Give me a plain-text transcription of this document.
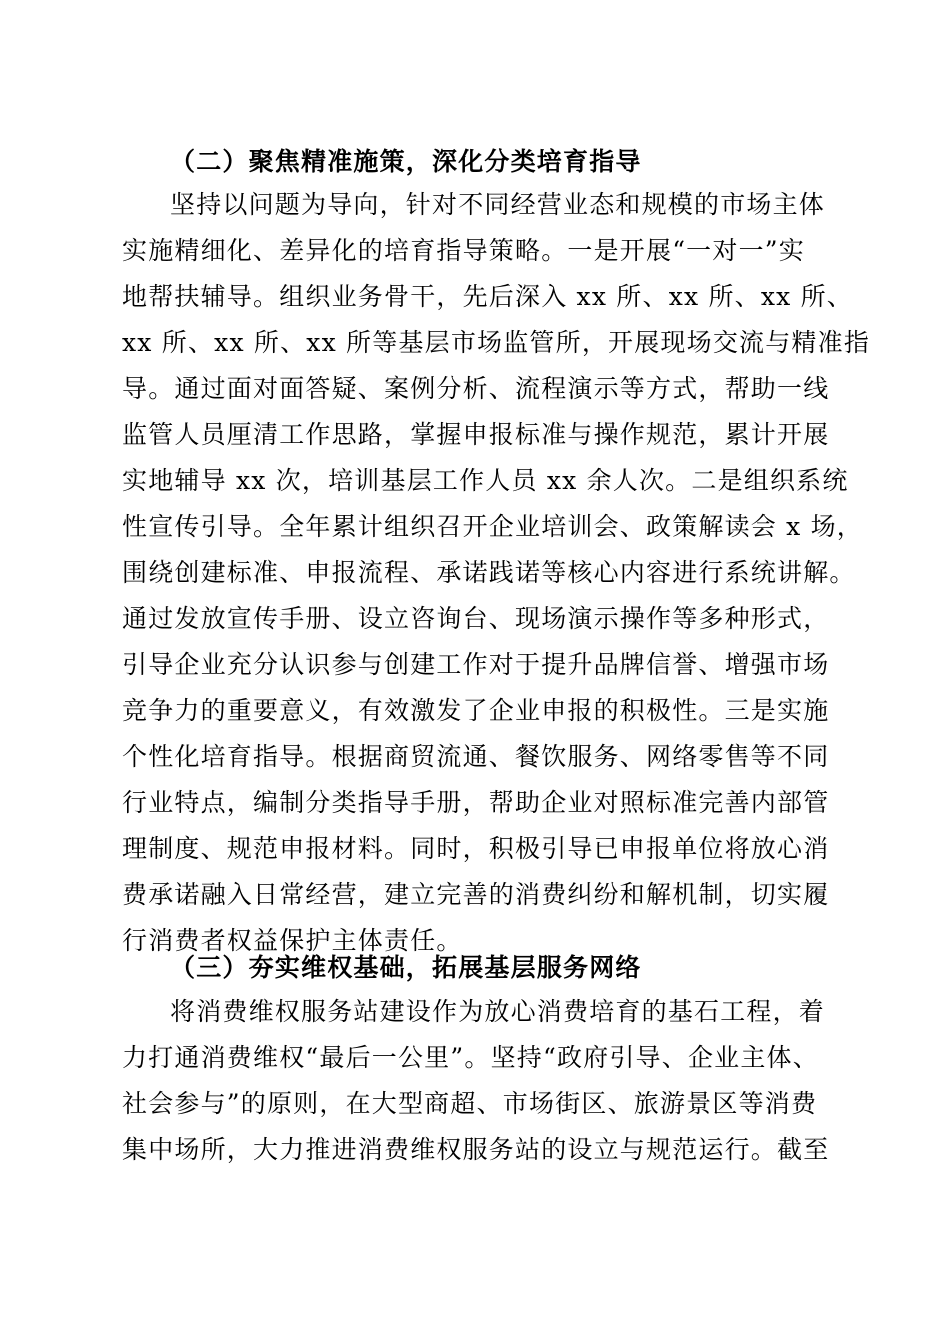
（二）聚焦精准施策，深化分类培育指导

坚持以问题为导向，针对不同经营业态和规模的市场主体

实施精细化、差异化的培育指导策略。一是开展“一对一”实

地帮扶辅导。组织业务骨干，先后深入 xx 所、xx 所、xx 所、

xx 所、xx 所、xx 所等基层市场监管所，开展现场交流与精准指

导。通过面对面答疑、案例分析、流程演示等方式，帮助一线

监管人员厘清工作思路，掌握申报标准与操作规范，累计开展

实地辅导 xx 次，培训基层工作人员 xx 余人次。二是组织系统

性宣传引导。全年累计组织召开企业培训会、政策解读会 x 场，

围绕创建标准、申报流程、承诺践诺等核心内容进行系统讲解。

通过发放宣传手册、设立咨询台、现场演示操作等多种形式，

引导企业充分认识参与创建工作对于提升品牌信誉、增强市场

竞争力的重要意义，有效激发了企业申报的积极性。三是实施

个性化培育指导。根据商贸流通、餐饮服务、网络零售等不同

行业特点，编制分类指导手册，帮助企业对照标准完善内部管

理制度、规范申报材料。同时，积极引导已申报单位将放心消

费承诺融入日常经营，建立完善的消费纠纷和解机制，切实履

行消费者权益保护主体责任。

（三）夯实维权基础，拓展基层服务网络

将消费维权服务站建设作为放心消费培育的基石工程，着

力打通消费维权“最后一公里”。坚持“政府引导、企业主体、

社会参与”的原则，在大型商超、市场街区、旅游景区等消费

集中场所，大力推进消费维权服务站的设立与规范运行。截至
